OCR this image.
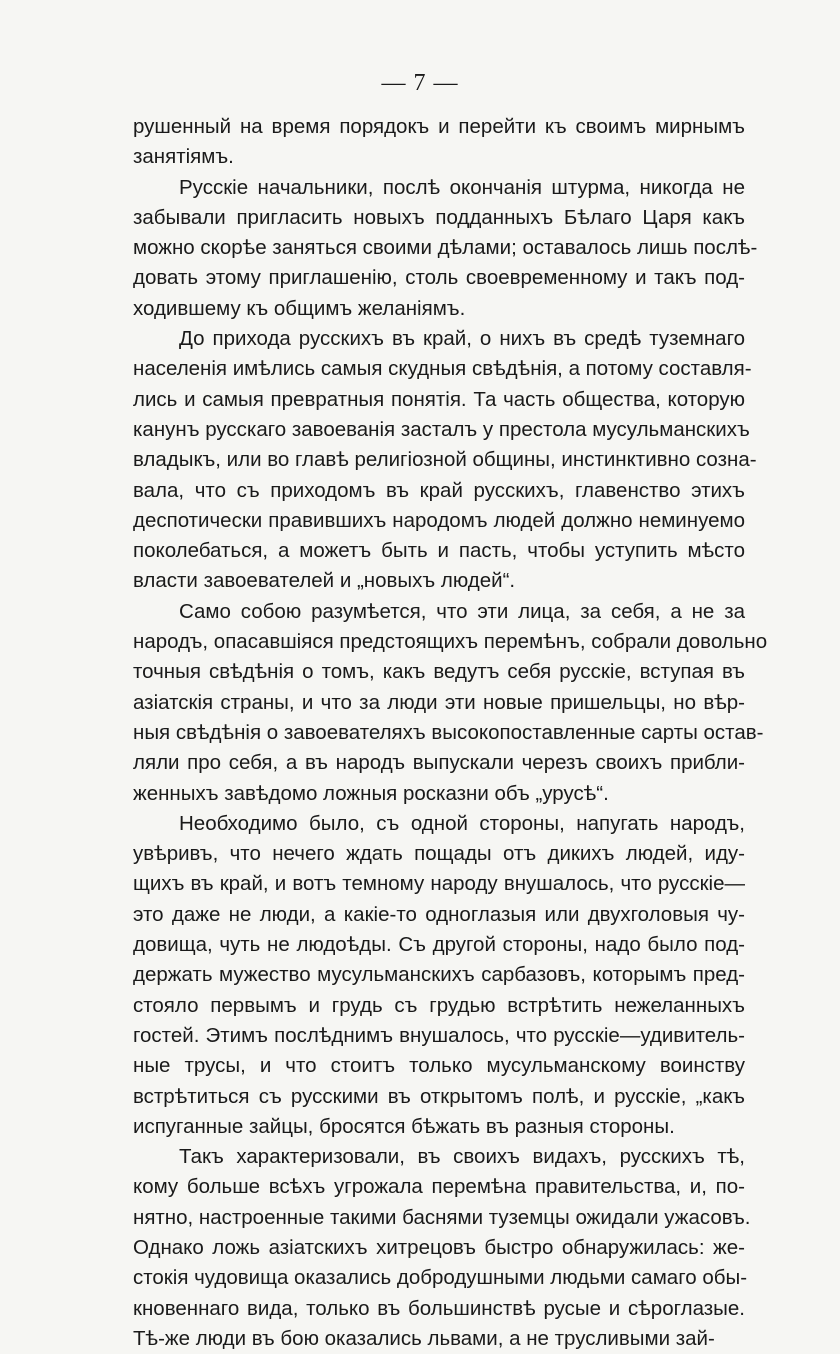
— 7 —
рушенный на время порядокъ и перейти къ своимъ мирнымъ
занятіямъ.
Русскіе начальники, послѣ окончанія штурма, никогда не
забывали пригласить новыхъ подданныхъ Бѣлаго Царя какъ
можно скорѣе заняться своими дѣлами; оставалось лишь послѣ-
довать этому приглашенію, столь своевременному и такъ под-
ходившему къ общимъ желаніямъ.
До прихода русскихъ въ край, о нихъ въ средѣ туземнаго
населенія имѣлись самыя скудныя свѣдѣнія, а потому составля-
лись и самыя превратныя понятія. Та часть общества, которую
канунъ русскаго завоеванія засталъ у престола мусульманскихъ
владыкъ, или во главѣ религіозной общины, инстинктивно созна-
вала, что съ приходомъ въ край русскихъ, главенство этихъ
деспотически правившихъ народомъ людей должно неминуемо
поколебаться, а можетъ быть и пасть, чтобы уступить мѣсто
власти завоевателей и „новыхъ людей“.
Само собою разумѣется, что эти лица, за себя, а не за
народъ, опасавшіяся предстоящихъ перемѣнъ, собрали довольно
точныя свѣдѣнія о томъ, какъ ведутъ себя русскіе, вступая въ
азіатскія страны, и что за люди эти новые пришельцы, но вѣр-
ныя свѣдѣнія о завоевателяхъ высокопоставленные сарты остав-
ляли про себя, а въ народъ выпускали черезъ своихъ прибли-
женныхъ завѣдомо ложныя росказни объ „урусѣ“.
Необходимо было, съ одной стороны, напугать народъ,
увѣривъ, что нечего ждать пощады отъ дикихъ людей, иду-
щихъ въ край, и вотъ темному народу внушалось, что русскіе—
это даже не люди, а какіе-то одноглазыя или двухголовыя чу-
довища, чуть не людоѣды. Съ другой стороны, надо было под-
держать мужество мусульманскихъ сарбазовъ, которымъ пред-
стояло первымъ и грудь съ грудью встрѣтить нежеланныхъ
гостей. Этимъ послѣднимъ внушалось, что русскіе—удивитель-
ные трусы, и что стоитъ только мусульманскому воинству
встрѣтиться съ русскими въ открытомъ полѣ, и русскіе, „какъ
испуганные зайцы, бросятся бѣжать въ разныя стороны.
Такъ характеризовали, въ своихъ видахъ, русскихъ тѣ,
кому больше всѣхъ угрожала перемѣна правительства, и, по-
нятно, настроенные такими баснями туземцы ожидали ужасовъ.
Однако ложь азіатскихъ хитрецовъ быстро обнаружилась: же-
стокія чудовища оказались добродушными людьми самаго обы-
кновеннаго вида, только въ большинствѣ русые и сѣроглазые.
Тѣ-же люди въ бою оказались львами, а не трусливыми зай-
